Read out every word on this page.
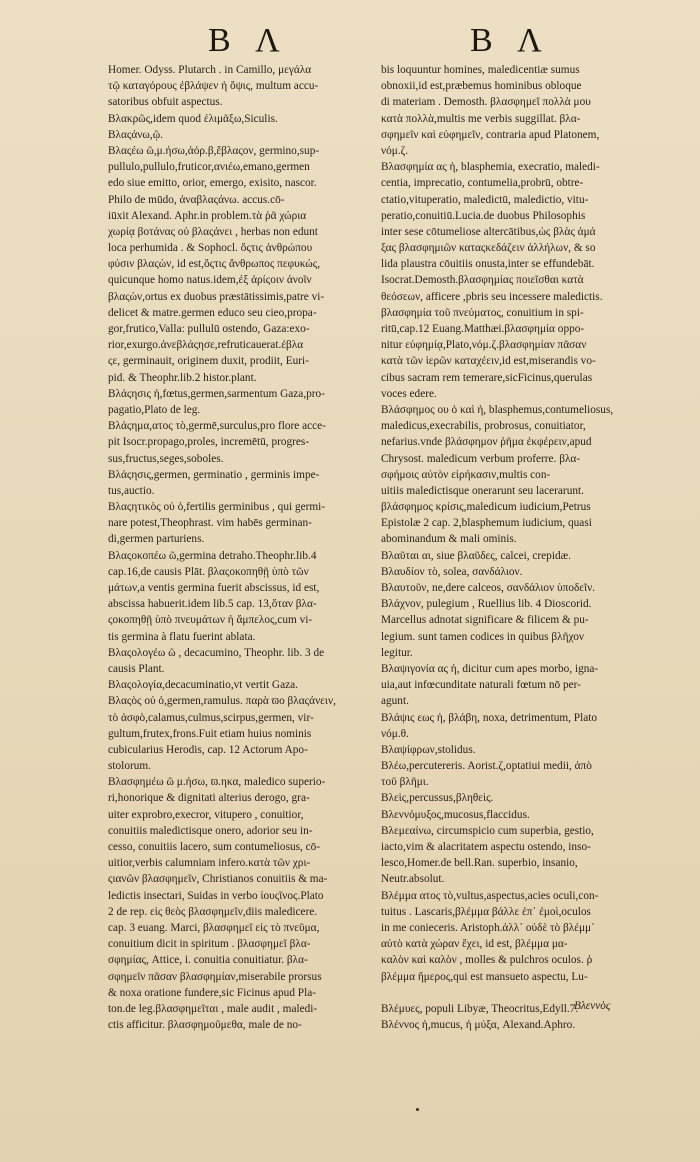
B Λ	B Λ
Homer. Odyss. Plutarch . in Camillo, μεγάλα
τῷ καταγόρους ἐβλάψεν ἡ ὄψις, multum accu-
satoribus obfuit aspectus.
Βλακρῶς,idem quod ἐλιμᾶξω,Siculis.
Βλαςάνω,ῷ.
Βλαςέω ῶ,μ.ήσω,ἀόρ.β,ἔβλαςον, germino,sup-
pullulo,pullulo,fruticor,ανιέω,emano,germen
edo siue emitto, orior, emergo, exisito, nascor.
Philo de mūdo, ἀναβλαςάνω. accus.cō-
iūxit Alexand. Aphr.in problem.τὰ ῥᾶ χώρια
χωρίᾳ βοτάνας οὐ βλαςάνει , herbas non edunt
loca perhumida . & Sophocl. ὅςτις ἀνθρώπου
φύσιν βλαςὼν, id est,ὅςτις ἄνθρωπος πεφυκώς,
quicunque homo natus.idem,ἐξ ἀρίςοιν ἀνοῖν
βλαςὼν,ortus ex duobus præstātissimis,patre vi-
delicet & matre.germen educo seu cieo,propa-
gor,frutico,Valla: pullulū ostendo, Gaza:exo-
rior,exurgo.ἀνεβλάςησε,refruticauerat.ἐβλα
ςε, germinauit, originem duxit, prodiit, Euri-
pid. & Theophr.lib.2 histor.plant.
Βλάςησις ἡ,fœtus,germen,sarmentum Gaza,pro-
pagatio,Plato de leg.
Βλάςημα,ατος τὸ,germē,surculus,pro flore acce-
pit Isocr.propago,proles, incremētū, progres-
sus,fructus,seges,soboles.
Βλάςησις,germen, germinatio , germinis impe-
tus,auctio.
Βλαςητικὸς οὐ ὁ,fertilis germinibus , qui germi-
nare potest,Theophrast. vim habēs germinan-
di,germen parturiens.
Βλαςοκοπέω ῶ,germina detraho.Theophr.lib.4
cap.16,de causis Plāt. βλαςοκοπηθῇ ὑπὸ τῶν
μάτων,a ventis germina fuerit abscissus, id est,
abscissa habuerit.idem lib.5 cap. 13,ὅταν βλα-
ςοκοπηθῇ ὑπὸ πνευμάτων ἡ ἄμπελος,cum vi-
tis germina à flatu fuerint ablata.
Βλαςολογέω ῶ , decacumino, Theophr. lib. 3 de
causis Plant.
Βλαςολογία,decacuminatio,vt vertit Gaza.
Βλαςὸς οὐ ὁ,germen,ramulus. παρὰ ϖο βλαςάνειν,
τὸ ἀσφὸ,calamus,culmus,scirpus,germen, vir-
gultum,frutex,frons.Fuit etiam huius nominis
cubicularius Herodis, cap. 12 Actorum Apo-
stolorum.
Βλασφημέω ῶ μ.ήσω, ϖ.ηκα, maledico superio-
ri,honorique & dignitati alterius derogo, gra-
uiter exprobro,execror, vitupero , conuitior,
conuitiis maledictisque onero, adorior seu in-
cesso, conuitiis lacero, sum contumeliosus, cō-
uitior,verbis calumniam infero.κατὰ τῶν χρι-
ςιανῶν βλασφημεῖν, Christianos conuitiis & ma-
ledictis insectari, Suidas in verbo ἰουςῖνος.Plato
2 de rep. εἰς θεὸς βλασφημεῖν,diis maledicere.
cap. 3 euang. Marci, βλασφημεῖ εἰς τὸ πνεῦμα,
conuitium dicit in spiritum . βλασφημεῖ βλα-
σφημίας, Attice, i. conuitia conuitiatur. βλα-
σφημεῖν πᾶσαν βλασφημίαν,miserabile prorsus
& noxa oratione fundere,sic Ficinus apud Pla-
ton.de leg.βλασφημεῖται , male audit , maledi-
ctis afficitur. βλασφημοῦμεθα, male de no-
bis loquuntur homines, maledicentiæ sumus
obnoxii,id est,præbemus hominibus obloque
di materiam . Demosth. βλασφημεῖ πολλὰ μου
κατὰ πολλὰ,multis me verbis suggillat. βλα-
σφημεῖν καὶ εὐφημεῖν, contraria apud Platonem,
νόμ.ζ.
Βλασφημία ας ἡ, blasphemia, execratio, maledi-
centia, imprecatio, contumelia,probrū, obtre-
ctatio,vituperatio, maledictū, maledictio, vitu-
peratio,conuitiū.Lucia.de duobus Philosophis
inter sese cōtumeliose altercātibus,ὡς βλὰς ἁμά
ξας βλασφημιῶν καταςκεδάζειν ἀλλήλων, & so
lida plaustra cōuitiis onusta,inter se effundebāt.
Isocrat.Demosth.βλασφημίας ποιεῖσθαι κατὰ
θεόσεων, afficere ,pbris seu incessere maledictis.
βλασφημία τοῦ πνεύματος, conuitium in spi-
ritū,cap.12 Euang.Matthæi.βλασφημία oppo-
nitur εὐφημίᾳ,Plato,νόμ.ζ.βλασφημίαν πᾶσαν
κατὰ τῶν ἱερῶν καταχέειν,id est,miserandis vo-
cibus sacram rem temerare,sicFicinus,querulas
voces edere.
Βλάσφημος ου ὁ καὶ ἡ, blasphemus,contumeliosus,
maledicus,execrabilis, probrosus, conuitiator,
nefarius.vnde βλάσφημον ῥῆμα ἐκφέρειν,apud
Chrysost. maledicum verbum proferre. βλα-
σφήμοις αὐτὸν εἰρήκασιν,multis con-
uitiis maledictisque onerarunt seu lacerarunt.
βλάσφημος κρίσις,maledicum iudicium,Petrus
Epistolæ 2 cap. 2,blasphemum iudicium, quasi
abominandum & mali ominis.
Βλαῦται αι, siue βλαῦδες, calcei, crepidæ.
Βλαυδίον τὸ, solea, σανδάλιον.
Βλαυτοῦν, ne,dere calceos, σανδάλιον ὑποδεῖν.
Βλάχνον, pulegium , Ruellius lib. 4 Dioscorid.
Marcellus adnotat significare & filicem & pu-
legium. sunt tamen codices in quibus βλῆχον
legitur.
Βλαψιγονία ας ἡ, dicitur cum apes morbo, igna-
uia,aut infœcunditate naturali fœtum nō per-
agunt.
Βλάψις εως ἡ, βλάβη, noxa, detrimentum, Plato
νόμ.θ.
Βλαψίφρων,stolidus.
Βλέω,percutereris. Aorist.ζ,optatiui medii, ἀπὸ
τοῦ βλῆμι.
Βλεὶς,percussus,βληθεὶς.
Βλεννόμυξος,mucosus,flaccidus.
Βλεμεαίνω, circumspicio cum superbia, gestio,
iacto,vim & alacritatem aspectu ostendo, inso-
lesco,Homer.de bell.Ran. superbio, insanio,
Neutr.absolut.
Βλέμμα ατος τὸ,vultus,aspectus,acies oculi,con-
tuitus . Lascaris,βλέμμα βάλλε ἐπ᾽ ἐμοὶ,oculos
in me conieceris. Aristoph.ἀλλ᾽ οὐδὲ τὸ βλέμμ᾽
αὐτὸ κατὰ χώραν ἔχει, id est, βλέμμα μα-
καλὸν καὶ καλὸν , molles & pulchros oculos. ῥ
βλέμμα ἥμερος,qui est mansueto aspectu, Lu-
Βλέμυες, populi Libyæ, Theocritus,Edyll.7.
Βλέννος ἡ,mucus, ἡ μύξα, Alexand.Aphro.
Βλεννὸς
